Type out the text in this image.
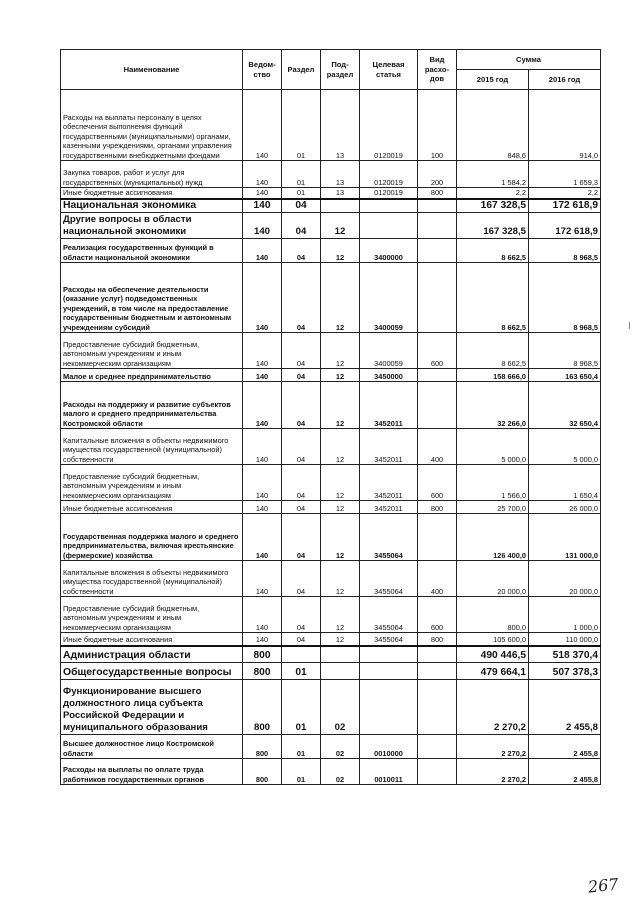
Наименование	Ведом-ство	Раздел	Под-раздел	Целевая статья	Вид расхо-дов	Сумма	
						2015 год	2016 год
Расходы на выплаты персоналу в целях обеспечения выполнения функций государственными (муниципальными) органами, казенными учреждениями, органами управления государственными внебюджетными фондами	140	01	13	0120019	100	848,6	914,0
Закупка товаров, работ и услуг для государственных (муниципальных) нужд	140	01	13	0120019	200	1 584,2	1 659,3
Иные бюджетные ассигнования	140	01	13	0120019	800	2,2	2,2
Национальная экономика	140	04				167 328,5	172 618,9
Другие вопросы в области национальной экономики	140	04	12			167 328,5	172 618,9
Реализация государственных функций в области национальной экономики	140	04	12	3400000		8 662,5	8 968,5
Расходы на обеспечение деятельности (оказание услуг) подведомственных учреждений, в том числе на предоставление государственным бюджетным и автономным учреждениям субсидий	140	04	12	3400059		8 662,5	8 968,5
Предоставление субсидий бюджетным, автономным учреждениям и иным некоммерческим организациям	140	04	12	3400059	600	8 662,5	8 968,5
Малое и среднее предпринимательство	140	04	12	3450000		158 666,0	163 650,4
Расходы на поддержку и развитие субъектов малого и среднего предпринимательства Костромской области	140	04	12	3452011		32 266,0	32 650,4
Капитальные вложения в объекты недвижимого имущества государственной (муниципальной) собственности	140	04	12	3452011	400	5 000,0	5 000,0
Предоставление субсидий бюджетным, автономным учреждениям и иным некоммерческим организациям	140	04	12	3452011	600	1 566,0	1 650,4
Иные бюджетные ассигнования	140	04	12	3452011	800	25 700,0	26 000,0
Государственная поддержка малого и среднего предпринимательства, включая крестьянские (фермерские) хозяйства	140	04	12	3455064		126 400,0	131 000,0
Капитальные вложения в объекты недвижимого имущества государственной (муниципальной) собственности	140	04	12	3455064	400	20 000,0	20 000,0
Предоставление субсидий бюджетным, автономным учреждениям и иным некоммерческим организациям	140	04	12	3455064	600	800,0	1 000,0
Иные бюджетные ассигнования	140	04	12	3455064	800	105 600,0	110 000,0
Администрация области	800					490 446,5	518 370,4
Общегосударственные вопросы	800	01				479 664,1	507 378,3
Функционирование высшего должностного лица субъекта Российской Федерации и муниципального образования	800	01	02			2 270,2	2 455,8
Высшее должностное лицо Костромской области	800	01	02	0010000		2 270,2	2 455,8
Расходы на выплаты по оплате труда работников государственных органов	800	01	02	0010011		2 270,2	2 455,8
267
